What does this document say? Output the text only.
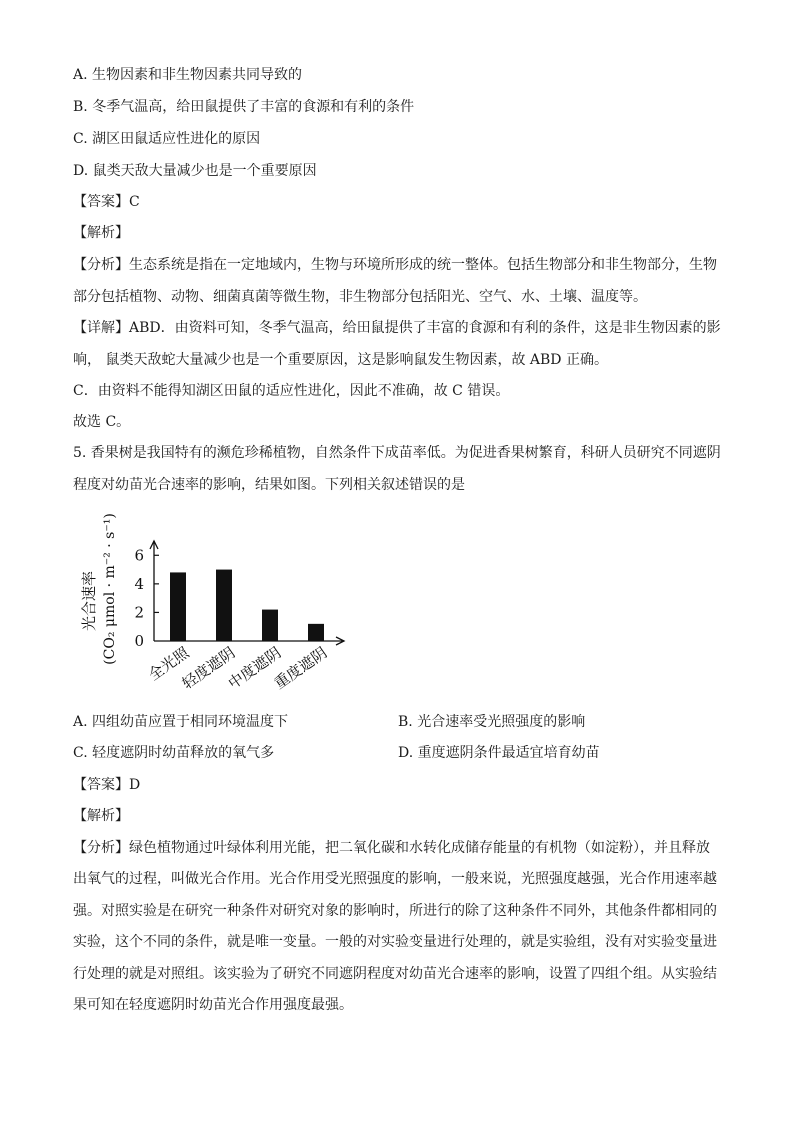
A. 生物因素和非生物因素共同导致的
B. 冬季气温高，给田鼠提供了丰富的食源和有利的条件
C. 湖区田鼠适应性进化的原因
D. 鼠类天敌大量减少也是一个重要原因
【答案】C
【解析】
【分析】生态系统是指在一定地域内，生物与环境所形成的统一整体。包括生物部分和非生物部分，生物
部分包括植物、动物、细菌真菌等微生物，非生物部分包括阳光、空气、水、土壤、温度等。
【详解】ABD．由资料可知，冬季气温高，给田鼠提供了丰富的食源和有利的条件，这是非生物因素的影
响， 鼠类天敌蛇大量减少也是一个重要原因，这是影响鼠发生物因素，故 ABD 正确。
C．由资料不能得知湖区田鼠的适应性进化，因此不准确，故 C 错误。
故选 C。
5. 香果树是我国特有的濒危珍稀植物，自然条件下成苗率低。为促进香果树繁育，科研人员研究不同遮阴
程度对幼苗光合速率的影响，结果如图。下列相关叙述错误的是
0
2
4
6
光合速率 (CO₂ μmol · m⁻² · s⁻¹) 全光照
轻度遮阴
中度遮阴
重度遮阴
A. 四组幼苗应置于相同环境温度下	B. 光合速率受光照强度的影响
C. 轻度遮阴时幼苗释放的氧气多	D. 重度遮阴条件最适宜培育幼苗
【答案】D
【解析】
【分析】绿色植物通过叶绿体利用光能，把二氧化碳和水转化成储存能量的有机物（如淀粉），并且释放
出氧气的过程，叫做光合作用。光合作用受光照强度的影响，一般来说，光照强度越强，光合作用速率越
强。对照实验是在研究一种条件对研究对象的影响时，所进行的除了这种条件不同外，其他条件都相同的
实验，这个不同的条件，就是唯一变量。一般的对实验变量进行处理的，就是实验组，没有对实验变量进
行处理的就是对照组。该实验为了研究不同遮阴程度对幼苗光合速率的影响，设置了四组个组。从实验结
果可知在轻度遮阴时幼苗光合作用强度最强。
